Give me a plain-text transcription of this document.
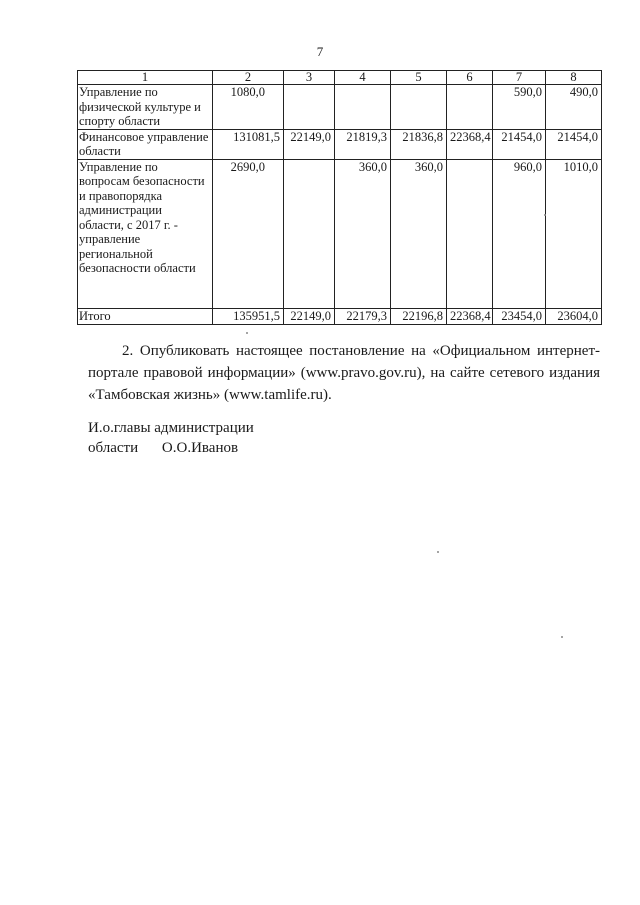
7
1	2	3	4	5	6	7	8
Управление по физической культуре и спорту области	1080,0					590,0	490,0
Финансовое управление области	131081,5	22149,0	21819,3	21836,8	22368,4	21454,0	21454,0
Управление по вопросам безопасности и правопорядка администрации области, с 2017 г. - управление региональной безопасности области	2690,0		360,0	360,0		960,0	1010,0
Итого	135951,5	22149,0	22179,3	22196,8	22368,4	23454,0	23604,0

2. Опубликовать настоящее постановление на «Официальном интернет-портале правовой информации» (www.pravo.gov.ru), на сайте сетевого издания «Тамбовская жизнь» (www.tamlife.ru).

И.о.главы администрации
области О.О.Иванов
